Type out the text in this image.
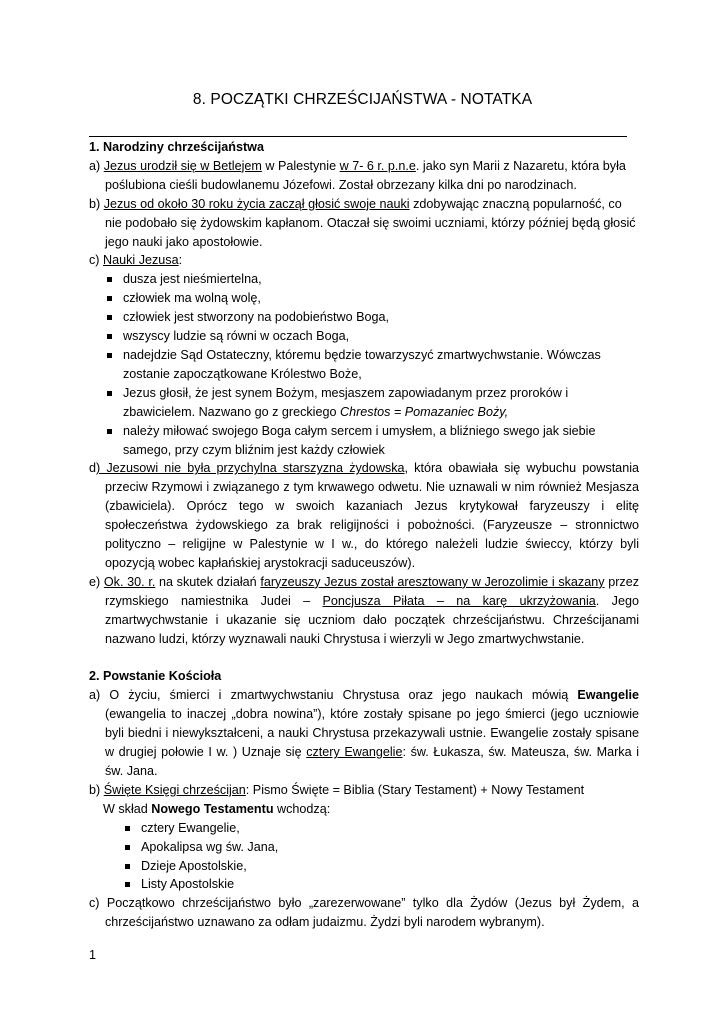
8. POCZĄTKI CHRZEŚCIJAŃSTWA - NOTATKA
1. Narodziny chrześcijaństwa
a) Jezus urodził się w Betlejem w Palestynie w 7- 6 r. p.n.e. jako syn Marii z Nazaretu, która była poślubiona cieśli budowlanemu Józefowi. Został obrzezany kilka dni po narodzinach.
b) Jezus od około 30 roku życia zaczął głosić swoje nauki zdobywając znaczną popularność, co nie podobało się żydowskim kapłanom. Otaczał się swoimi uczniami, którzy później będą głosić jego nauki jako apostołowie.
c) Nauki Jezusa:
dusza jest nieśmiertelna,
człowiek ma wolną wolę,
człowiek jest stworzony na podobieństwo Boga,
wszyscy ludzie są równi w oczach Boga,
nadejdzie Sąd Ostateczny, któremu będzie towarzyszyć zmartwychwstanie. Wówczas zostanie zapoczątkowane Królestwo Boże,
Jezus głosił, że jest synem Bożym, mesjaszem zapowiadanym przez proroków i zbawicielem. Nazwano go z greckiego Chrestos = Pomazaniec Boży,
należy miłować swojego Boga całym sercem i umysłem, a bliźniego swego jak siebie samego, przy czym bliźnim jest każdy człowiek
d) Jezusowi nie była przychylna starszyzna żydowska, która obawiała się wybuchu powstania przeciw Rzymowi i związanego z tym krwawego odwetu. Nie uznawali w nim również Mesjasza (zbawiciela). Oprócz tego w swoich kazaniach Jezus krytykował faryzeuszy i elitę społeczeństwa żydowskiego za brak religijności i pobożności. (Faryzeusze – stronnictwo polityczno – religijne w Palestynie w I w., do którego należeli ludzie świeccy, którzy byli opozycją wobec kapłańskiej arystokracji saduceuszów).
e) Ok. 30. r. na skutek działań faryzeuszy Jezus został aresztowany w Jerozolimie i skazany przez rzymskiego namiestnika Judei – Poncjusza Piłata – na karę ukrzyżowania. Jego zmartwychwstanie i ukazanie się uczniom dało początek chrześcijaństwu. Chrześcijanami nazwano ludzi, którzy wyznawali nauki Chrystusa i wierzyli w Jego zmartwychwstanie.
2. Powstanie Kościoła
a) O życiu, śmierci i zmartwychwstaniu Chrystusa oraz jego naukach mówią Ewangelie (ewangelia to inaczej „dobra nowina”), które zostały spisane po jego śmierci (jego uczniowie byli biedni i niewykształceni, a nauki Chrystusa przekazywali ustnie. Ewangelie zostały spisane w drugiej połowie I w. ) Uznaje się cztery Ewangelie: św. Łukasza, św. Mateusza, św. Marka i św. Jana.
b) Święte Księgi chrześcijan: Pismo Święte = Biblia (Stary Testament) + Nowy Testament
W skład Nowego Testamentu wchodzą:
cztery Ewangelie,
Apokalipsa wg św. Jana,
Dzieje Apostolskie,
Listy Apostolskie
c) Początkowo chrześcijaństwo było „zarezerwowane” tylko dla Żydów (Jezus był Żydem, a chrześcijaństwo uznawano za odłam judaizmu. Żydzi byli narodem wybranym).
1
